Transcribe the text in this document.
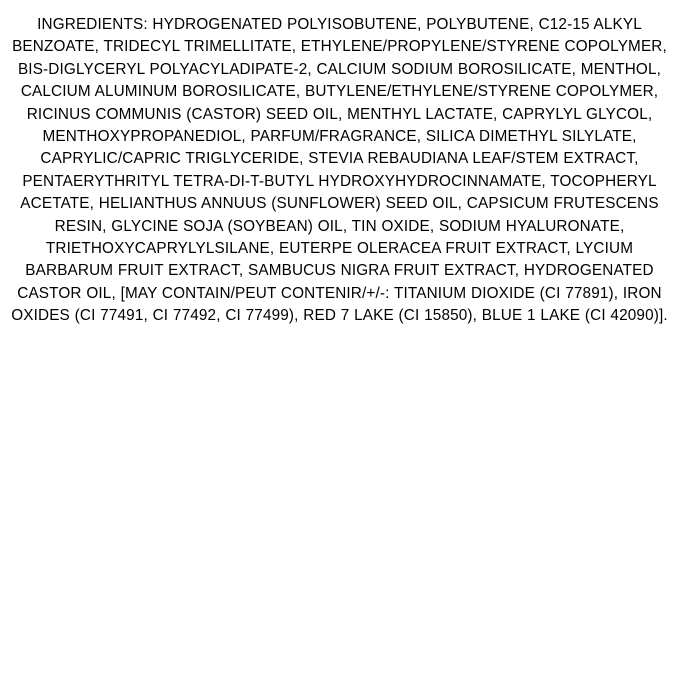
INGREDIENTS: HYDROGENATED POLYISOBUTENE, POLYBUTENE, C12-15 ALKYL BENZOATE, TRIDECYL TRIMELLITATE, ETHYLENE/PROPYLENE/STYRENE COPOLYMER, BIS-DIGLYCERYL POLYACYLADIPATE-2, CALCIUM SODIUM BOROSILICATE, MENTHOL, CALCIUM ALUMINUM BOROSILICATE, BUTYLENE/ETHYLENE/STYRENE COPOLYMER, RICINUS COMMUNIS (CASTOR) SEED OIL, MENTHYL LACTATE, CAPRYLYL GLYCOL, MENTHOXYPROPANEDIOL, PARFUM/FRAGRANCE, SILICA DIMETHYL SILYLATE, CAPRYLIC/CAPRIC TRIGLYCERIDE, STEVIA REBAUDIANA LEAF/STEM EXTRACT, PENTAERYTHRITYL TETRA-DI-T-BUTYL HYDROXYHYDROCINNAMATE, TOCOPHERYL ACETATE, HELIANTHUS ANNUUS (SUNFLOWER) SEED OIL, CAPSICUM FRUTESCENS RESIN, GLYCINE SOJA (SOYBEAN) OIL, TIN OXIDE, SODIUM HYALURONATE, TRIETHOXYCAPRYLYLSILANE, EUTERPE OLERACEA FRUIT EXTRACT, LYCIUM BARBARUM FRUIT EXTRACT, SAMBUCUS NIGRA FRUIT EXTRACT, HYDROGENATED CASTOR OIL, [MAY CONTAIN/PEUT CONTENIR/+/-: TITANIUM DIOXIDE (CI 77891), IRON OXIDES (CI 77491, CI 77492, CI 77499), RED 7 LAKE (CI 15850), BLUE 1 LAKE (CI 42090)].
